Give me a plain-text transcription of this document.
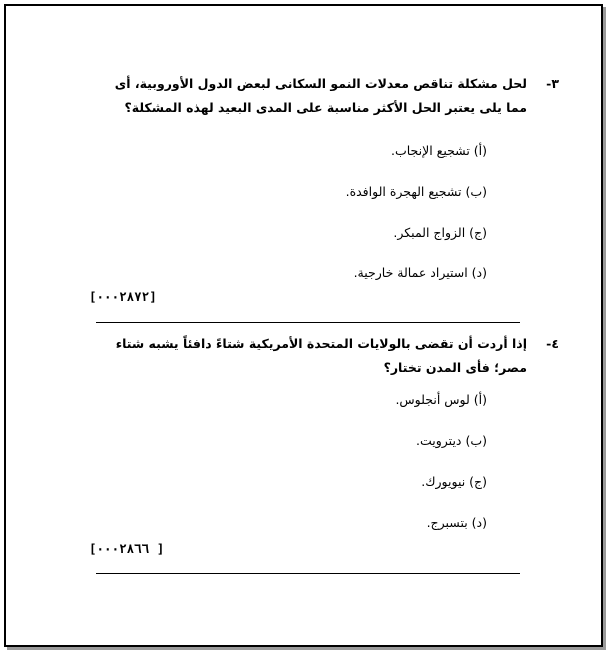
٣-
لحل مشكلة تناقص معدلات النمو السكانى لبعض الدول الأوروبية، أى مما يلى يعتبر الحل الأكثر مناسبة على المدى البعيد لهذه المشكلة؟
(أ) تشجيع الإنجاب.
(ب) تشجيع الهجرة الوافدة.
(ج) الزواج المبكر.
(د) استيراد عمالة خارجية.
[٠٠٠٢٨٧٢]
٤-
إذا أردت أن تقضى بالولايات المتحدة الأمريكية شتاءً دافئاً يشبه شتاء مصر؛ فأى المدن تختار؟
(أ) لوس أنجلوس.
(ب) ديترويت.
(ج) نيويورك.
(د) بتسبرج.
[٠٠٠٢٨٦٦ ]
